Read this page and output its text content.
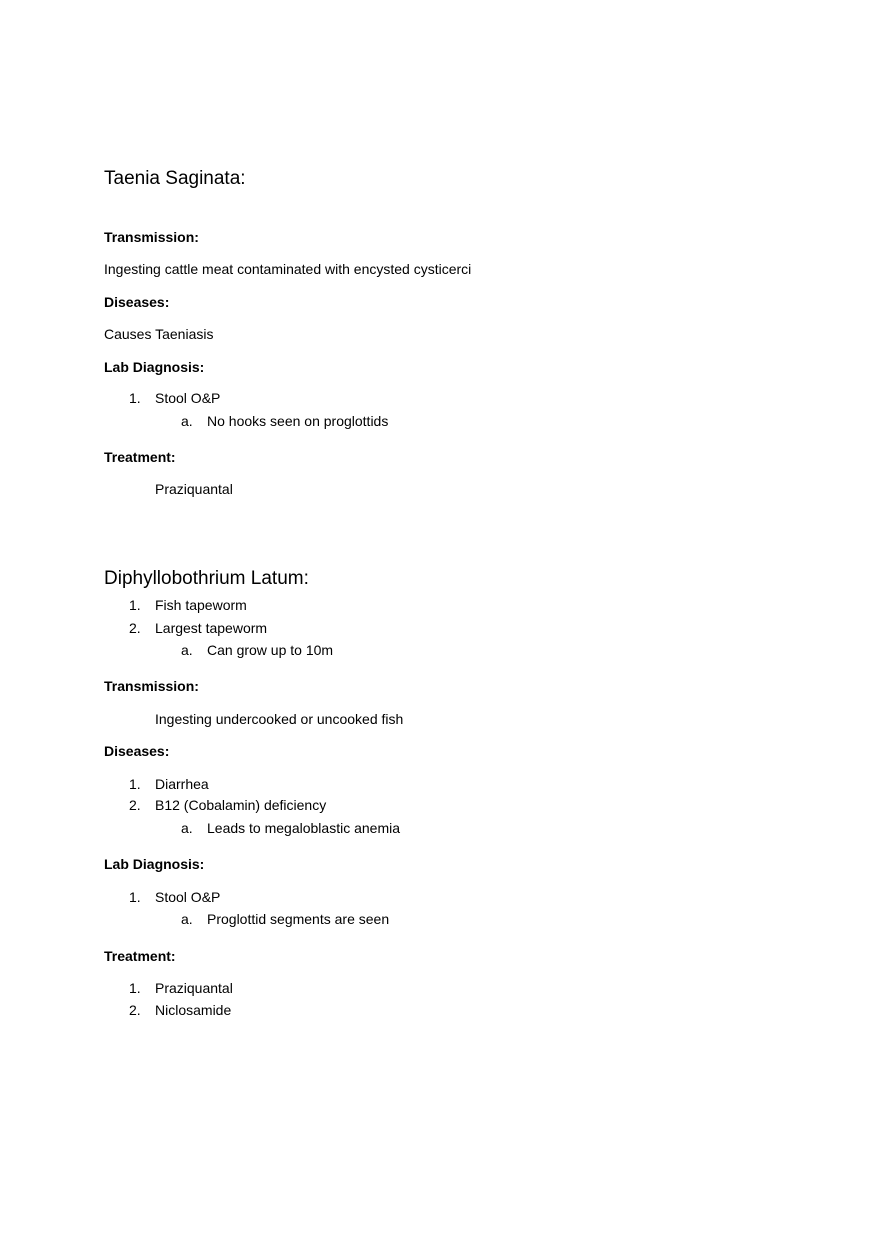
Taenia Saginata:
Transmission:
Ingesting cattle meat contaminated with encysted cysticerci
Diseases:
Causes Taeniasis
Lab Diagnosis:
1. Stool O&P
a. No hooks seen on proglottids
Treatment:
Praziquantal
Diphyllobothrium Latum:
1. Fish tapeworm
2. Largest tapeworm
a. Can grow up to 10m
Transmission:
Ingesting undercooked or uncooked fish
Diseases:
1. Diarrhea
2. B12 (Cobalamin) deficiency
a. Leads to megaloblastic anemia
Lab Diagnosis:
1. Stool O&P
a. Proglottid segments are seen
Treatment:
1. Praziquantal
2. Niclosamide
